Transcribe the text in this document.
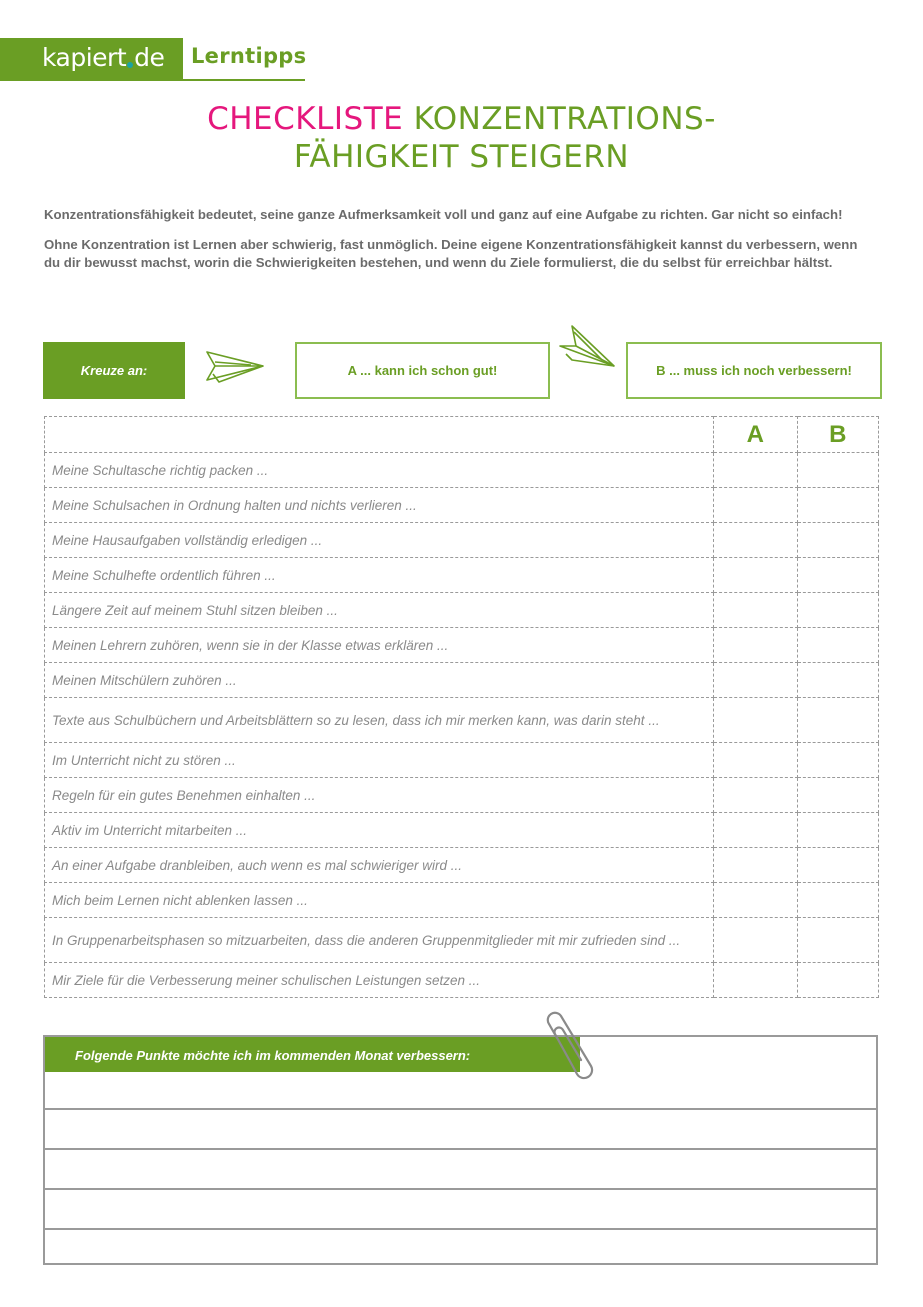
kapiert de Lerntipps
CHECKLISTE KONZENTRATIONS-
FÄHIGKEIT STEIGERN

Konzentrationsfähigkeit bedeutet, seine ganze Aufmerksamkeit voll und ganz auf eine Aufgabe zu richten. Gar nicht so einfach!

Ohne Konzentration ist Lernen aber schwierig, fast unmöglich. Deine eigene Konzentrationsfähigkeit kannst du verbessern, wenn du dir bewusst machst, worin die Schwierigkeiten bestehen, und wenn du Ziele formulierst, die du selbst für erreichbar hältst.

Kreuze an:	A ... kann ich schon gut!	B ... muss ich noch verbessern!
	A	B
Meine Schultasche richtig packen ...		
Meine Schulsachen in Ordnung halten und nichts verlieren ...		
Meine Hausaufgaben vollständig erledigen ...		
Meine Schulhefte ordentlich führen ...		
Längere Zeit auf meinem Stuhl sitzen bleiben ...		
Meinen Lehrern zuhören, wenn sie in der Klasse etwas erklären ...		
Meinen Mitschülern zuhören ...		
Texte aus Schulbüchern und Arbeitsblättern so zu lesen, dass ich mir merken kann, was darin steht ...		
Im Unterricht nicht zu stören ...		
Regeln für ein gutes Benehmen einhalten ...		
Aktiv im Unterricht mitarbeiten ...		
An einer Aufgabe dranbleiben, auch wenn es mal schwieriger wird ...		
Mich beim Lernen nicht ablenken lassen ...		
In Gruppenarbeitsphasen so mitzuarbeiten, dass die anderen Gruppenmitglieder mit mir zufrieden sind ...		
Mir Ziele für die Verbesserung meiner schulischen Leistungen setzen ...		
Folgende Punkte möchte ich im kommenden Monat verbessern:
